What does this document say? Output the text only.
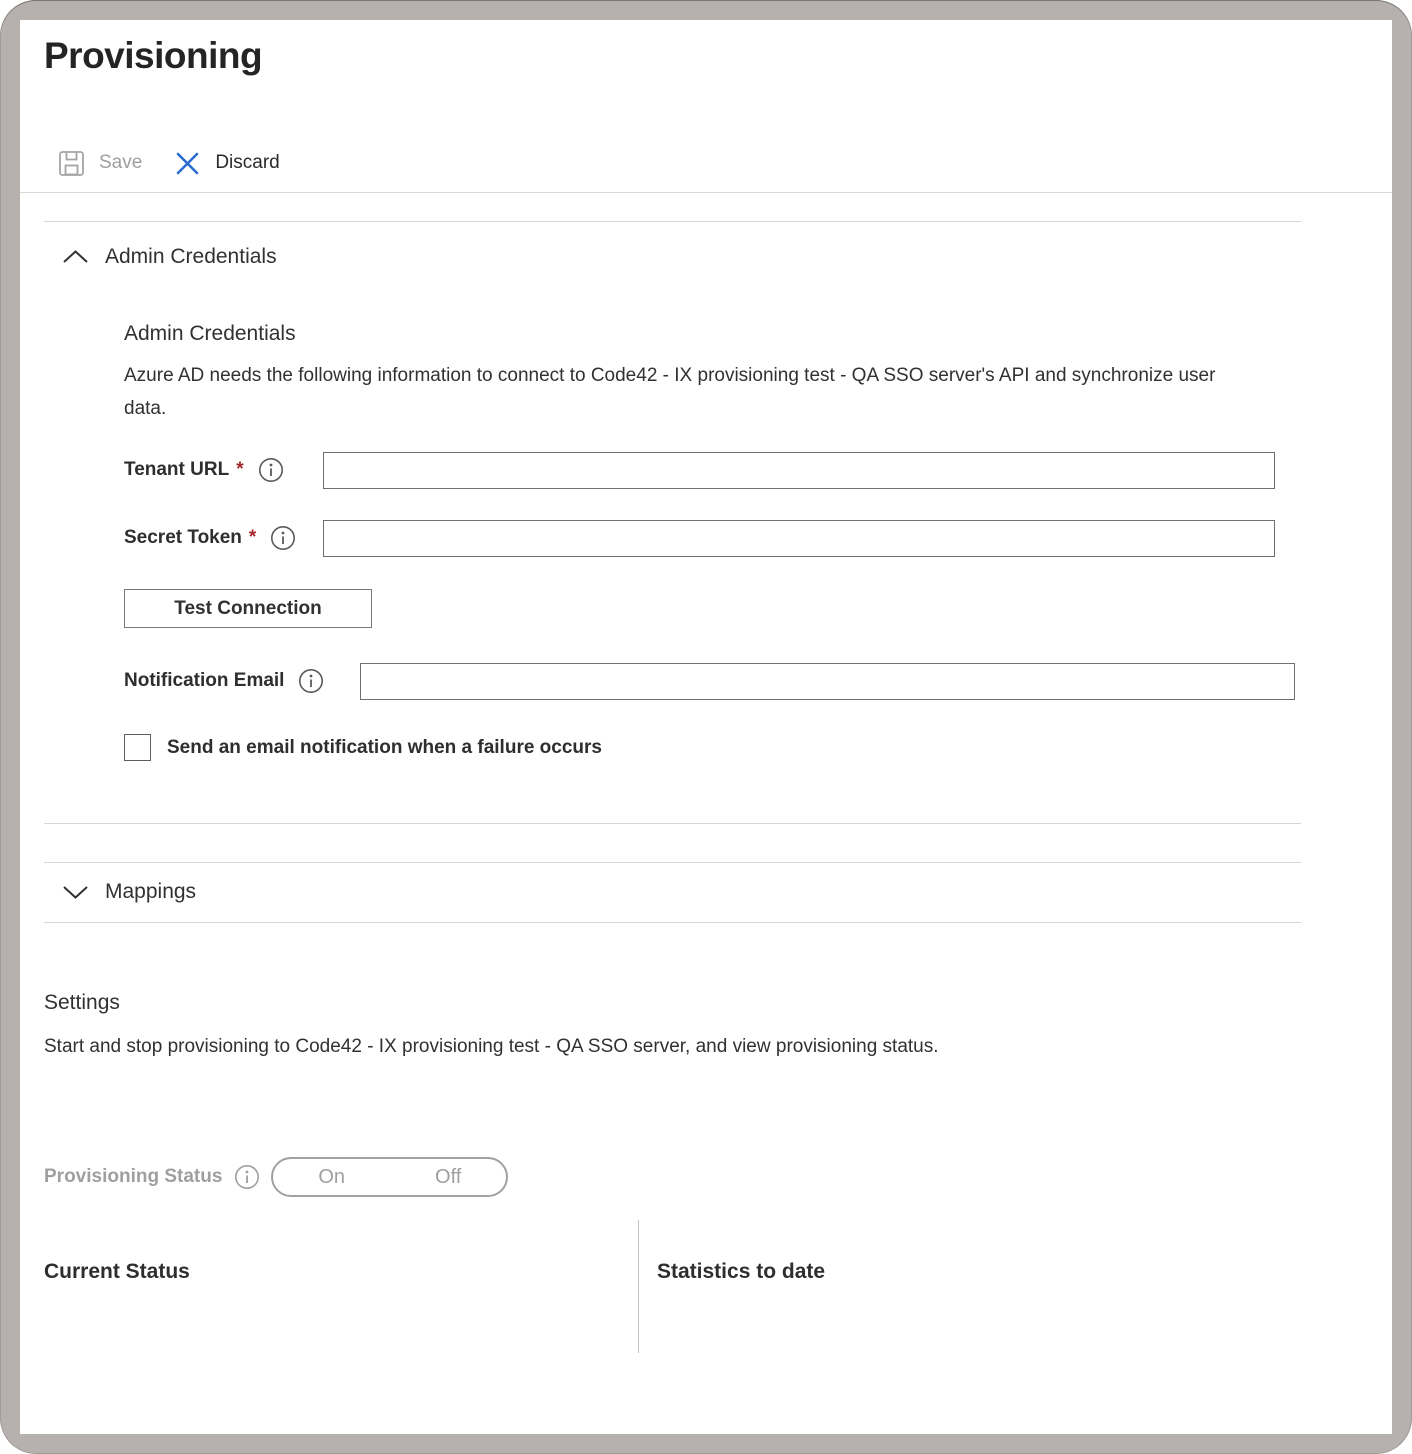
Provisioning
Save	Discard
Admin Credentials
Admin Credentials

Azure AD needs the following information to connect to Code42 - IX provisioning test - QA SSO server's API and synchronize user data.

Tenant URL *
Secret Token *
Test Connection
Notification Email
Send an email notification when a failure occurs
Mappings
Settings

Start and stop provisioning to Code42 - IX provisioning test - QA SSO server, and view provisioning status.

Provisioning Status	On	Off
Current Status	Statistics to date
